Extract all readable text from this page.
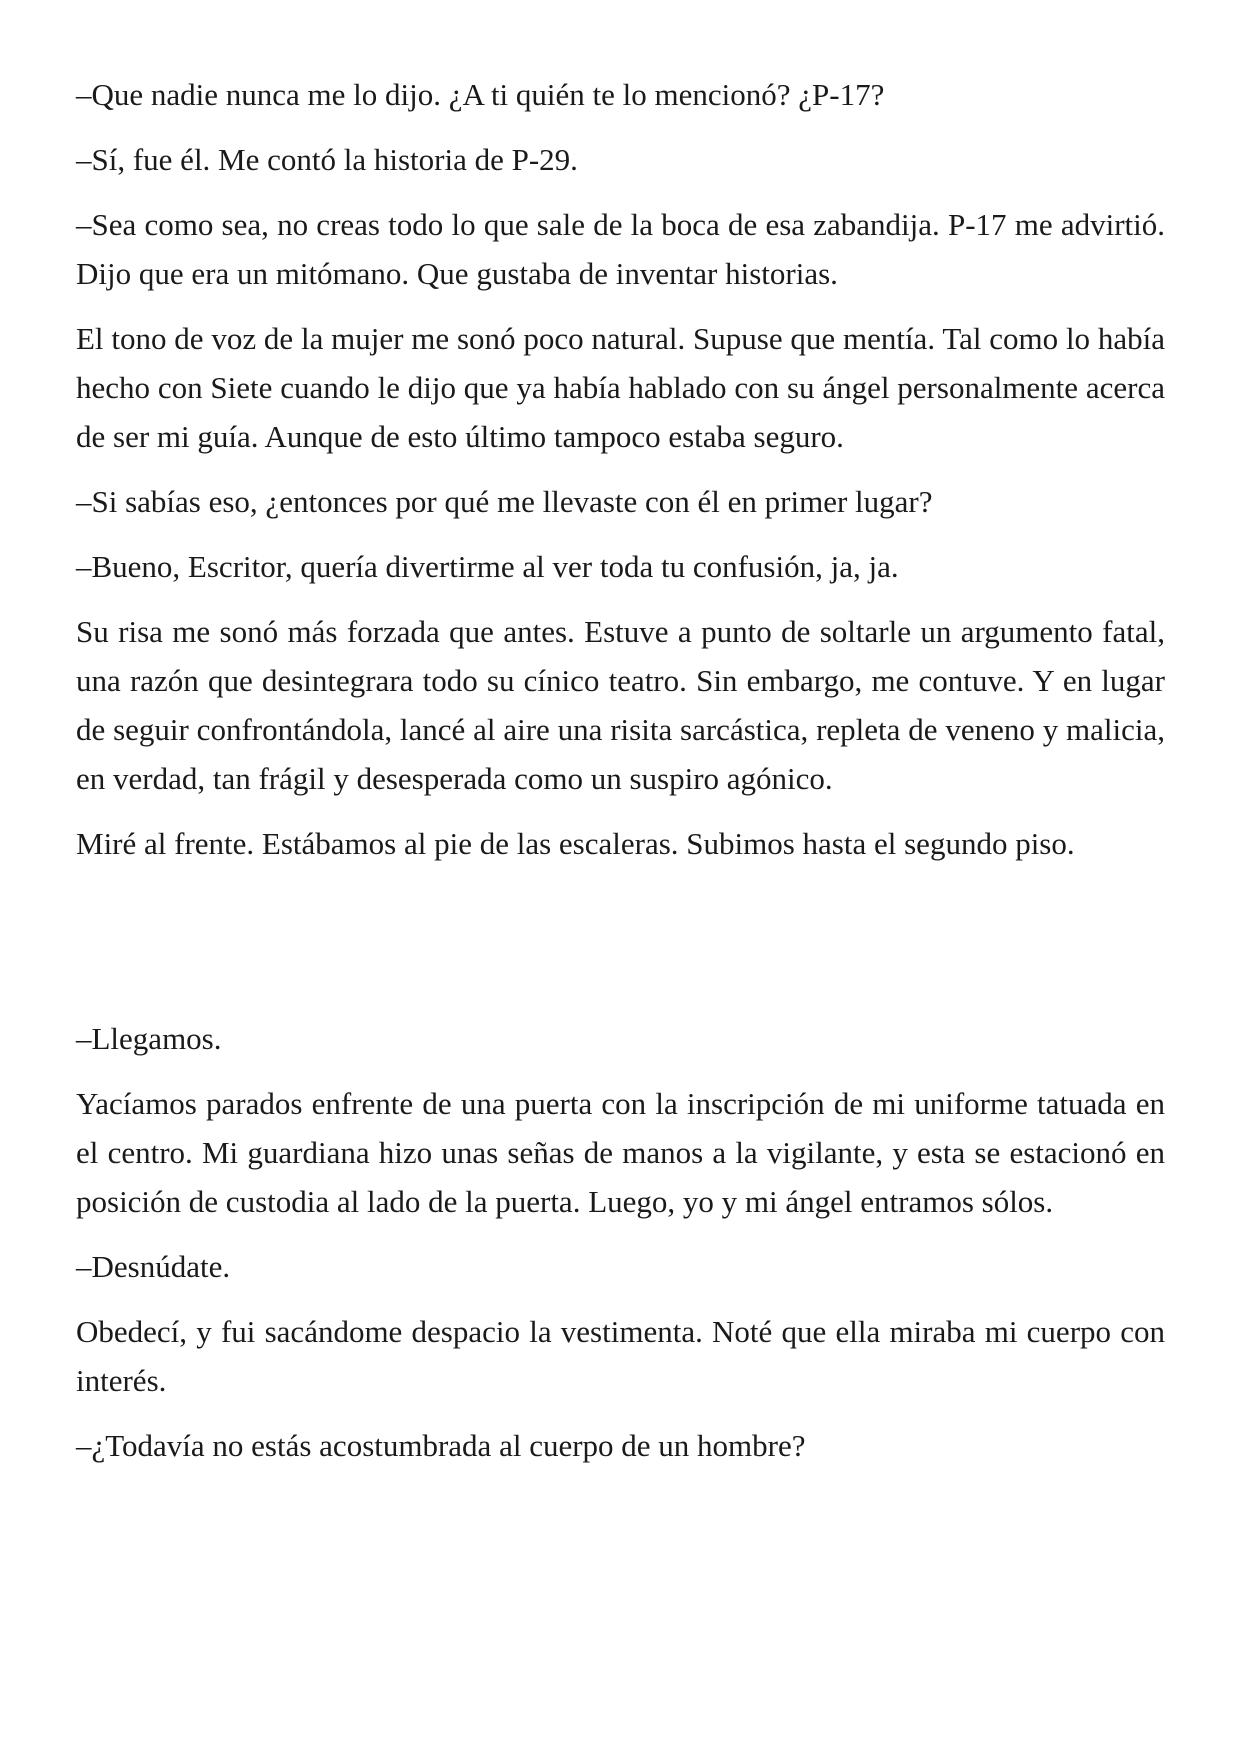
–Que nadie nunca me lo dijo. ¿A ti quién te lo mencionó? ¿P-17?

–Sí, fue él. Me contó la historia de P-29.

–Sea como sea, no creas todo lo que sale de la boca de esa zabandija. P-17 me advirtió. Dijo que era un mitómano. Que gustaba de inventar historias.

El tono de voz de la mujer me sonó poco natural. Supuse que mentía. Tal como lo había hecho con Siete cuando le dijo que ya había hablado con su ángel personalmente acerca de ser mi guía. Aunque de esto último tampoco estaba seguro.

–Si sabías eso, ¿entonces por qué me llevaste con él en primer lugar?

–Bueno, Escritor, quería divertirme al ver toda tu confusión, ja, ja.

Su risa me sonó más forzada que antes. Estuve a punto de soltarle un argumento fatal, una razón que desintegrara todo su cínico teatro. Sin embargo, me contuve. Y en lugar de seguir confrontándola, lancé al aire una risita sarcástica, repleta de veneno y malicia, en verdad, tan frágil y desesperada como un suspiro agónico.

Miré al frente. Estábamos al pie de las escaleras. Subimos hasta el segundo piso.

–Llegamos.

Yacíamos parados enfrente de una puerta con la inscripción de mi uniforme tatuada en el centro. Mi guardiana hizo unas señas de manos a la vigilante, y esta se estacionó en posición de custodia al lado de la puerta. Luego, yo y mi ángel entramos sólos.

–Desnúdate.

Obedecí, y fui sacándome despacio la vestimenta. Noté que ella miraba mi cuerpo con interés.

–¿Todavía no estás acostumbrada al cuerpo de un hombre?
